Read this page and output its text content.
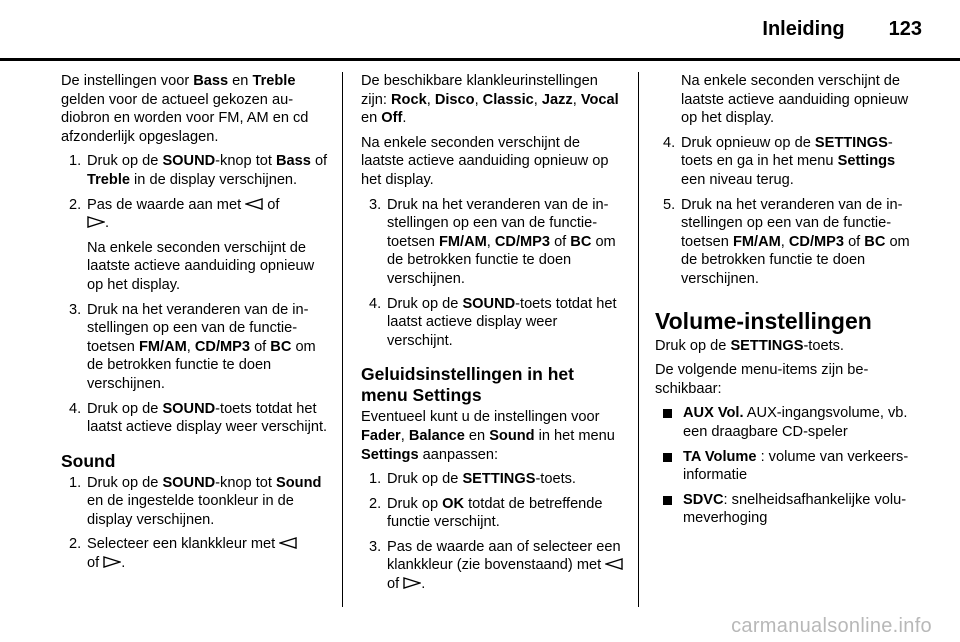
Inleiding 123

De instellingen voor Bass en Treble gelden voor de actueel gekozen audiobron en worden voor FM, AM en cd afzonderlijk opgeslagen.

1. Druk op de SOUND-knop tot Bass of Treble in de display verschijnen.
2. Pas de waarde aan met
of

.
Na enkele seconden verschijnt de laatste actieve aanduiding opnieuw op het display.
3. Druk na het veranderen van de instellingen op een van de functietoetsen FM/AM, CD/MP3 of BC om de betrokken functie te doen verschijnen.
4. Druk op de SOUND-toets totdat het laatst actieve display weer verschijnt.
Sound
1. Druk op de SOUND-knop tot Sound en de ingestelde toonkleur in de display verschijnen.
2. Selecteer een klankkleur met

of
.

De beschikbare klankleurinstellingen zijn: Rock, Disco, Classic, Jazz, Vocal en Off.

Na enkele seconden verschijnt de laatste actieve aanduiding opnieuw op het display.

3. Druk na het veranderen van de instellingen op een van de functietoetsen FM/AM, CD/MP3 of BC om de betrokken functie te doen verschijnen.
4. Druk op de SOUND-toets totdat het laatst actieve display weer verschijnt.
Geluidsinstellingen in het menu Settings

Eventueel kunt u de instellingen voor Fader, Balance en Sound in het menu Settings aanpassen:

1. Druk op de SETTINGS-toets.
2. Druk op OK totdat de betreffende functie verschijnt.
3. Pas de waarde aan of selecteer een klankkleur (zie bovenstaand) met
of
.
Na enkele seconden verschijnt de laatste actieve aanduiding opnieuw op het display.
4. Druk opnieuw op de SETTINGS-toets en ga in het menu Settings een niveau terug.
5. Druk na het veranderen van de instellingen op een van de functietoetsen FM/AM, CD/MP3 of BC om de betrokken functie te doen verschijnen.
Volume-instellingen

Druk op de SETTINGS-toets.

De volgende menu-items zijn beschikbaar:

AUX Vol. AUX-ingangsvolume, vb. een draagbare CD-speler
TA Volume : volume van verkeersinformatie
SDVC: snelheidsafhankelijke volumeverhoging
carmanualsonline.info
